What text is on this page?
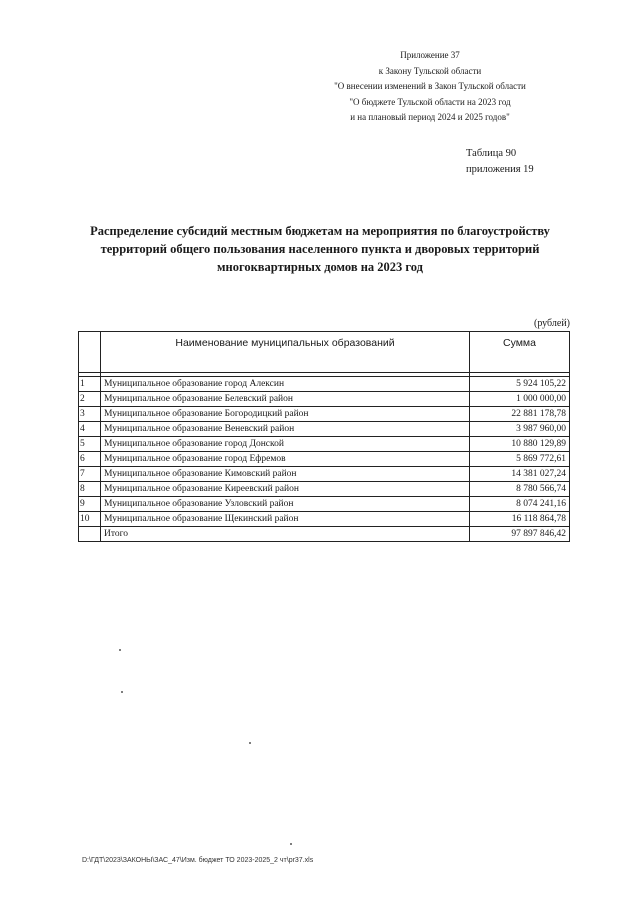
Приложение 37
к Закону Тульской области
"О внесении изменений в Закон Тульской области
"О бюджете Тульской области на 2023 год
и на плановый период 2024 и 2025 годов"
Таблица 90
приложения 19
Распределение субсидий местным бюджетам на мероприятия по благоустройству
территорий общего пользования населенного пункта и дворовых территорий
многоквартирных домов на 2023 год
(рублей)
	Наименование муниципальных образований	Сумма

1	Муниципальное образование город Алексин	5 924 105,22
2	Муниципальное образование Белевский район	1 000 000,00
3	Муниципальное образование Богородицкий район	22 881 178,78
4	Муниципальное образование Веневский район	3 987 960,00
5	Муниципальное образование город Донской	10 880 129,89
6	Муниципальное образование город Ефремов	5 869 772,61
7	Муниципальное образование Кимовский район	14 381 027,24
8	Муниципальное образование Киреевский район	8 780 566,74
9	Муниципальное образование Узловский район	8 074 241,16
10	Муниципальное образование Щекинский район	16 118 864,78
	Итого	97 897 846,42
D:\ГДТ\2023\ЗАКОНЫ\ЗАС_47\Изм. бюджет ТО 2023-2025_2 чт\pr37.xls
